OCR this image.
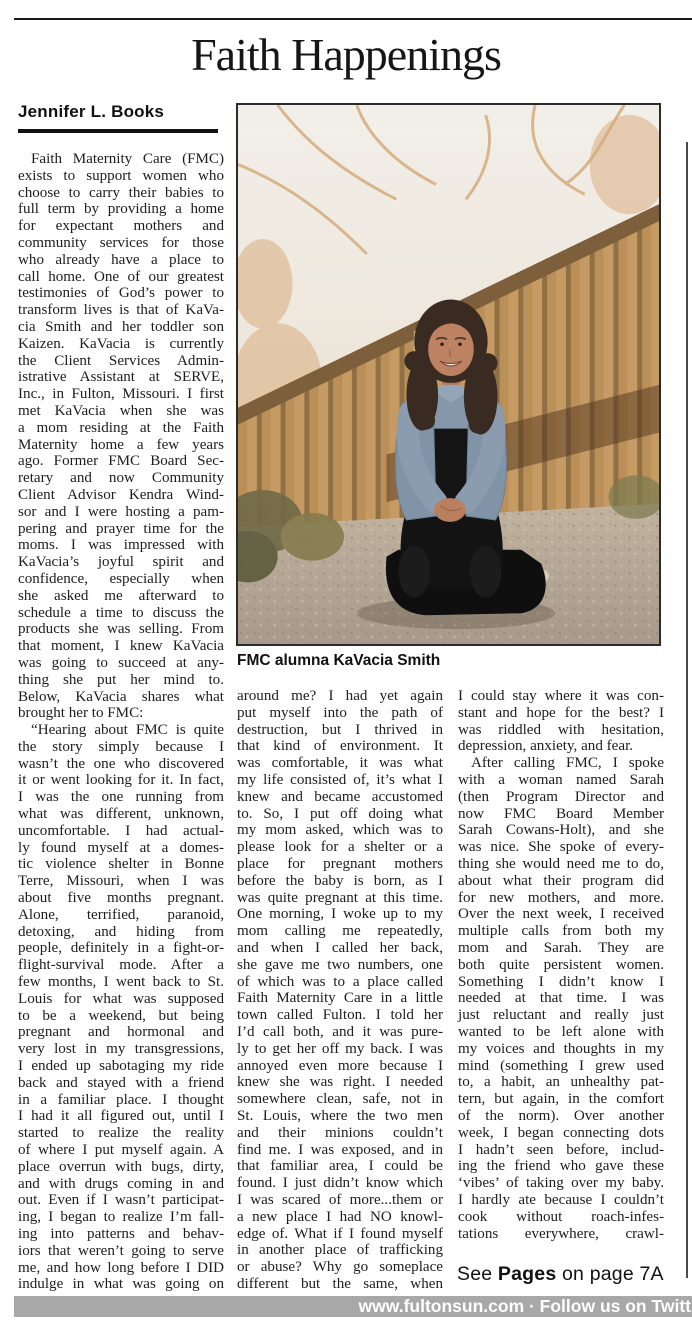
Faith Happenings
Jennifer L. Books
FMC alumna KaVacia Smith
Faith Maternity Care (FMC)
exists to support women who
choose to carry their babies to
full term by providing a home
for expectant mothers and
community services for those
who already have a place to
call home. One of our greatest
testimonies of God’s power to
transform lives is that of KaVa-
cia Smith and her toddler son
Kaizen. KaVacia is currently
the Client Services Admin-
istrative Assistant at SERVE,
Inc., in Fulton, Missouri. I first
met KaVacia when she was
a mom residing at the Faith
Maternity home a few years
ago. Former FMC Board Sec-
retary and now Community
Client Advisor Kendra Wind-
sor and I were hosting a pam-
pering and prayer time for the
moms. I was impressed with
KaVacia’s joyful spirit and
confidence, especially when
she asked me afterward to
schedule a time to discuss the
products she was selling. From
that moment, I knew KaVacia
was going to succeed at any-
thing she put her mind to.
Below, KaVacia shares what
brought her to FMC:
“Hearing about FMC is quite
the story simply because I
wasn’t the one who discovered
it or went looking for it. In fact,
I was the one running from
what was different, unknown,
uncomfortable. I had actual-
ly found myself at a domes-
tic violence shelter in Bonne
Terre, Missouri, when I was
about five months pregnant.
Alone, terrified, paranoid,
detoxing, and hiding from
people, definitely in a fight-or-
flight-survival mode. After a
few months, I went back to St.
Louis for what was supposed
to be a weekend, but being
pregnant and hormonal and
very lost in my transgressions,
I ended up sabotaging my ride
back and stayed with a friend
in a familiar place. I thought
I had it all figured out, until I
started to realize the reality
of where I put myself again. A
place overrun with bugs, dirty,
and with drugs coming in and
out. Even if I wasn’t participat-
ing, I began to realize I’m fall-
ing into patterns and behav-
iors that weren’t going to serve
me, and how long before I DID
indulge in what was going on
around me? I had yet again
put myself into the path of
destruction, but I thrived in
that kind of environment. It
was comfortable, it was what
my life consisted of, it’s what I
knew and became accustomed
to. So, I put off doing what
my mom asked, which was to
please look for a shelter or a
place for pregnant mothers
before the baby is born, as I
was quite pregnant at this time.
One morning, I woke up to my
mom calling me repeatedly,
and when I called her back,
she gave me two numbers, one
of which was to a place called
Faith Maternity Care in a little
town called Fulton. I told her
I’d call both, and it was pure-
ly to get her off my back. I was
annoyed even more because I
knew she was right. I needed
somewhere clean, safe, not in
St. Louis, where the two men
and their minions couldn’t
find me. I was exposed, and in
that familiar area, I could be
found. I just didn’t know which
I was scared of more...them or
a new place I had NO knowl-
edge of. What if I found myself
in another place of trafficking
or abuse? Why go someplace
different but the same, when
I could stay where it was con-
stant and hope for the best? I
was riddled with hesitation,
depression, anxiety, and fear.
After calling FMC, I spoke
with a woman named Sarah
(then Program Director and
now FMC Board Member
Sarah Cowans-Holt), and she
was nice. She spoke of every-
thing she would need me to do,
about what their program did
for new mothers, and more.
Over the next week, I received
multiple calls from both my
mom and Sarah. They are
both quite persistent women.
Something I didn’t know I
needed at that time. I was
just reluctant and really just
wanted to be left alone with
my voices and thoughts in my
mind (something I grew used
to, a habit, an unhealthy pat-
tern, but again, in the comfort
of the norm). Over another
week, I began connecting dots
I hadn’t seen before, includ-
ing the friend who gave these
‘vibes’ of taking over my baby.
I hardly ate because I couldn’t
cook without roach-infes-
tations everywhere, crawl-
See Pages on page 7A
www.fultonsun.com · Follow us on Twitt
